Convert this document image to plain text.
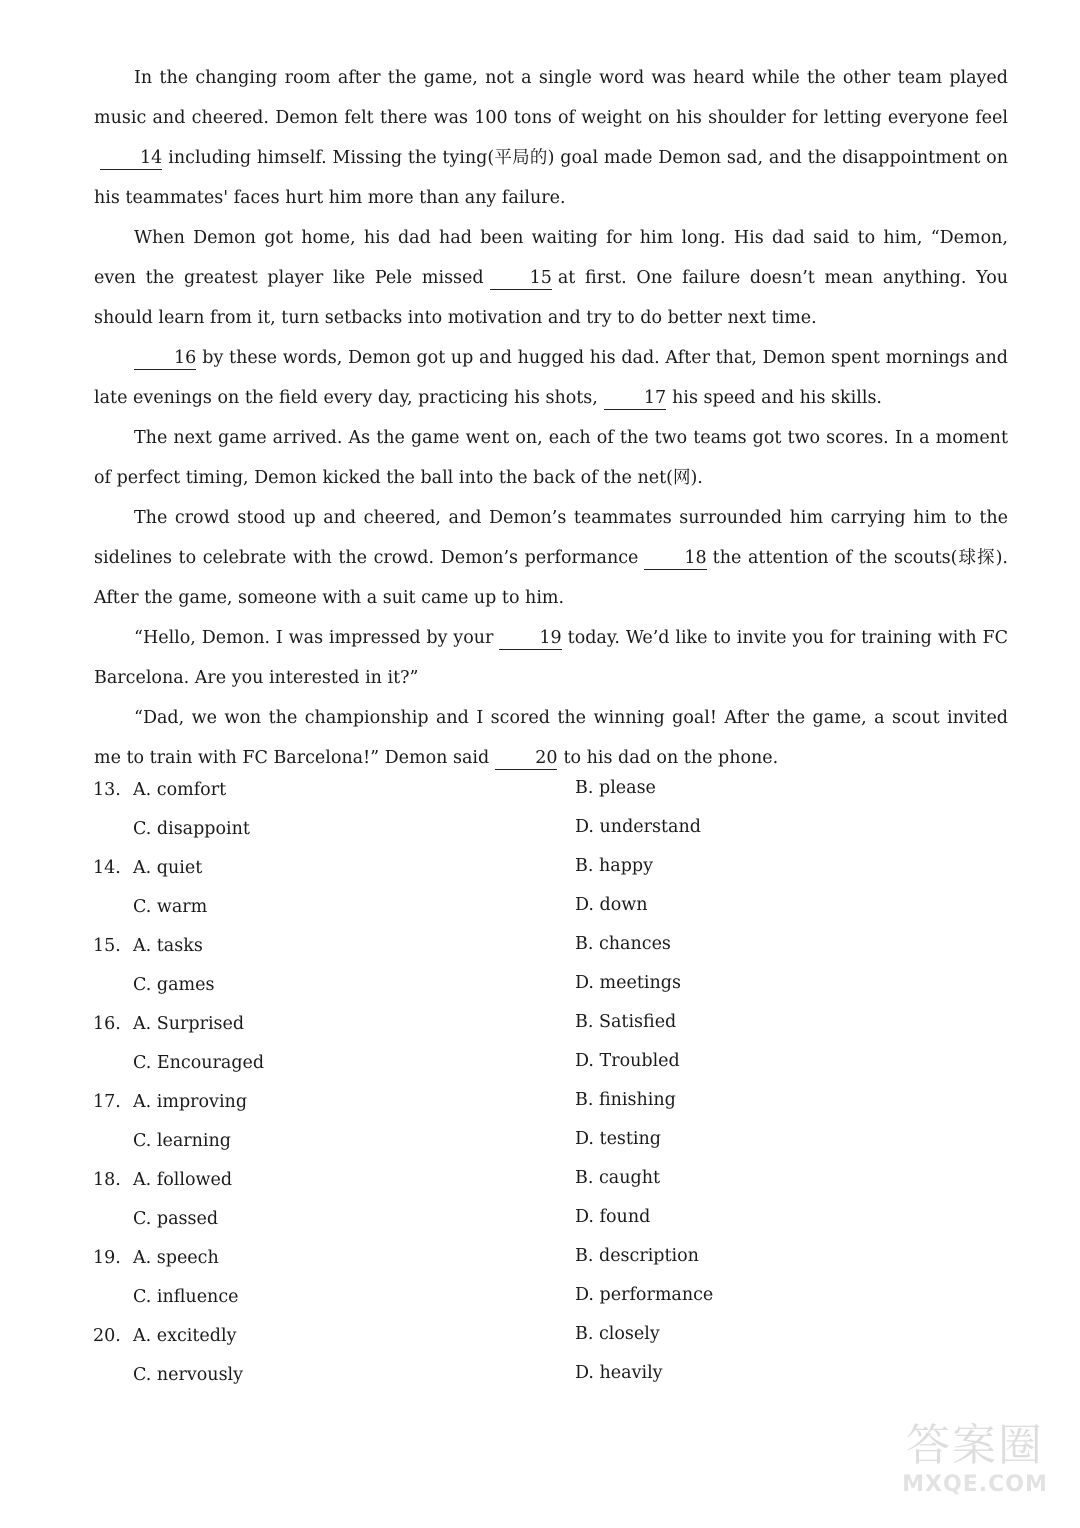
In the changing room after the game, not a single word was heard while the other team played music and cheered. Demon felt there was 100 tons of weight on his shoulder for letting everyone feel14 including himself. Missing the tying(平局的) goal made Demon sad, and the disappointment on his teammates' faces hurt him more than any failure.

When Demon got home, his dad had been waiting for him long. His dad said to him, “Demon, even the greatest player like Pele missed	15 at first. One failure doesn’t mean anything. You should learn from it, turn setbacks into motivation and try to do better next time.

16 by these words, Demon got up and hugged his dad. After that, Demon spent mornings and late evenings on the field every day, practicing his shots,	17 his speed and his skills.

The next game arrived. As the game went on, each of the two teams got two scores. In a moment of perfect timing, Demon kicked the ball into the back of the net(网).

The crowd stood up and cheered, and Demon’s teammates surrounded him carrying him to the sidelines to celebrate with the crowd. Demon’s performance	18 the attention of the scouts(球探). After the game, someone with a suit came up to him.

“Hello, Demon. I was impressed by your	19 today. We’d like to invite you for training with FC Barcelona. Are you interested in it?”

“Dad, we won the championship and I scored the winning goal! After the game, a scout invited me to train with FC Barcelona!” Demon said	20 to his dad on the phone.

13. A. comfort	B. please
C. disappoint	D. understand
14. A. quiet	B. happy
C. warm	D. down
15. A. tasks	B. chances
C. games	D. meetings
16. A. Surprised	B. Satisfied
C. Encouraged	D. Troubled
17. A. improving	B. finishing
C. learning	D. testing
18. A. followed	B. caught
C. passed	D. found
19. A. speech	B. description
C. influence	D. performance
20. A. excitedly	B. closely
C. nervously	D. heavily
答案圈
MXQE.COM
